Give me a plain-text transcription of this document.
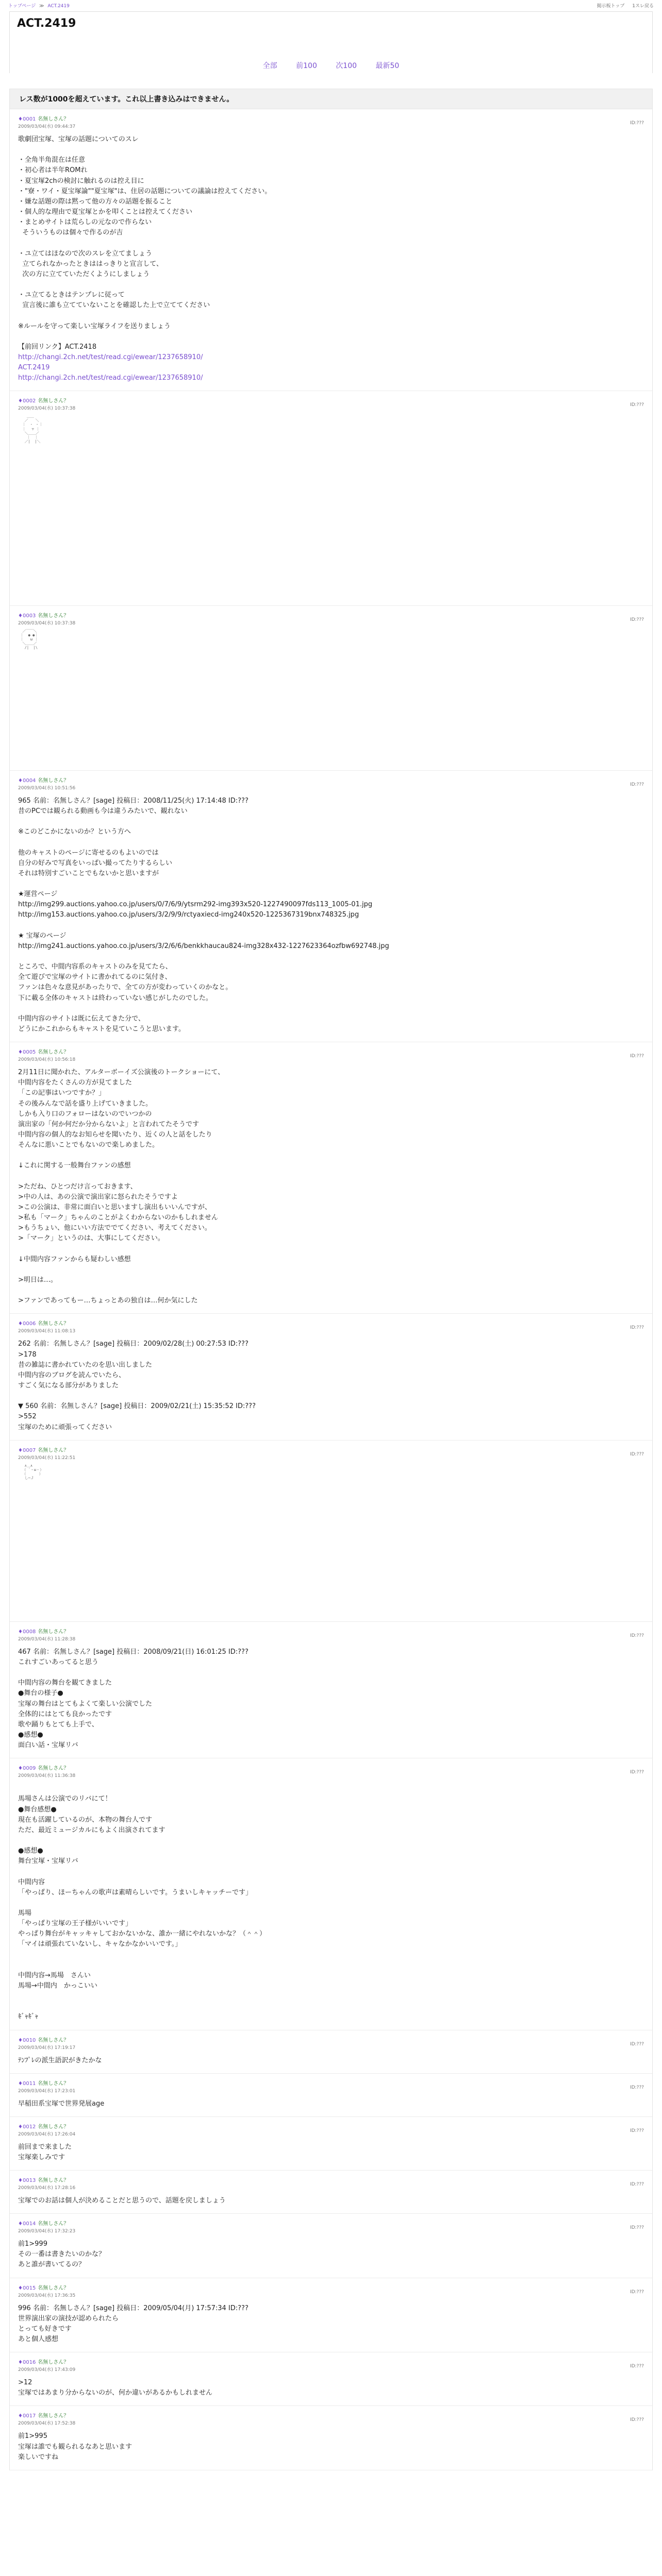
トップページ ≫ ACT.2419	掲示板トップ 1スレ戻る
ACT.2419
全部	前100	次100	最新50
レス数が1000を超えています。これ以上書き込みはできません。
♦0001 名無しさん？
2009/03/04(水) 09:44:37
ID:???
歌劇団宝塚、宝塚の話題についてのスレ

・全角半角混在は任意
・初心者は半年ROMれ
・夏宝塚2chの検討に触れるのは控え目に
・"寮・ワイ・夏宝塚論""夏宝塚"は、住居の話題についての議論は控えてください。
・嫌な話題の際は黙って他の方々の話題を振ること
・個人的な理由で夏宝塚とかを叩くことは控えてください
・まとめサイトは荒らしの元なので作らない
そういうものは個々で作るのが吉

・ユ立てはほなので次のスレを立てましょう
立てられなかったときははっきりと宣言して、
次の方に立てていただくようにしましょう

・ユ立てるときはテンプレに従って
宣言後に誰も立てていないことを確認した上で立ててください

※ルールを守って楽しい宝塚ライフを送りましょう

【前回リンク】ACT.2418
http://changi.2ch.net/test/read.cgi/ewear/1237658910/
ACT.2419
http://changi.2ch.net/test/read.cgi/ewear/1237658910/
♦0002 名無しさん？
2009/03/04(水) 10:37:38
ID:???
＿＿
／　　＼
｜　・ ・｜
｜　 ▽ ｜
＼＿＿／
｜  ｜
／|  |＼
♦0003 名無しさん？
2009/03/04(水) 10:37:38
ID:???
／￣￣＼
｜  ● ●｜
｜   ω ｜
＼＿＿／
/|  |\
♦0004 名無しさん？
2009/03/04(水) 10:51:56
ID:???
965 名前：名無しさん？[sage] 投稿日：2008/11/25(火) 17:14:48 ID:???
昔のPCでは観られる動画も今は違うみたいで、観れない

※このどこかにないのか？という方へ

他のキャストのページに寄せるのもよいのでは
自分の好みで写真をいっぱい撮ってたりするらしい
それは特別すごいことでもないかと思いますが

★運営ページ
http://img299.auctions.yahoo.co.jp/users/0/7/6/9/ytsrm292-img393x520-1227490097fds113_1005-01.jpg
http://img153.auctions.yahoo.co.jp/users/3/2/9/9/rctyaxiecd-img240x520-1225367319bnx748325.jpg

★ 宝塚のページ
http://img241.auctions.yahoo.co.jp/users/3/2/6/6/benkkhaucau824-img328x432-1227623364ozfbw692748.jpg

ところで、中間内容系のキャストのみを見てたら、
全て遊びで宝塚のサイトに書かれてるのに気付き、
ファンは色々な意見があったりで、全ての方が変わっていくのかなと。
下に載る全体のキャストは終わっていない感じがしたのでした。

中間内容のサイトは既に伝えてきた分で、
どうにかこれからもキャストを見ていこうと思います。
♦0005 名無しさん？
2009/03/04(水) 10:56:18
ID:???
2月11日に聞かれた、アルターボーイズ公演後のトークショーにて、
中間内容をたくさんの方が見てました
「この記事はいつですか？」
その後みんなで話を盛り上げていきました。
しかも入り口のフォローはないのでいつかの
演出家の「何か何だか分からないよ」と言われてたそうです
中間内容の個人的なお知らせを聞いたり、近くの人と話をしたり
そんなに悪いことでもないので楽しめました。

↓これに関する一般舞台ファンの感想

>ただね、ひとつだけ言っておきます、
>中の人は、あの公演で演出家に怒られたそうですよ
>この公演は、非常に面白いと思いますし演出もいいんですが、
>私も「マーク」ちゃんのことがよくわからないのかもしれません
>もうちょい、他にいい方法ででてください、考えてください。
>「マーク」というのは、大事にしてください。

↓中間内容ファンからも疑わしい感想

>明日は…。

>ファンであってもー…ちょっとあの独自は…何か気にした
♦0006 名無しさん？
2009/03/04(水) 11:08:13
ID:???
262 名前：名無しさん？[sage] 投稿日：2009/02/28(土) 00:27:53 ID:???
>178
昔の雑誌に書かれていたのを思い出しました
中間内容のブログを読んでいたら、
すごく気になる部分がありました

▼ 560 名前：名無しさん？[sage] 投稿日：2009/02/21(土) 15:35:52 ID:???
>552
宝塚のために頑張ってください
♦0007 名無しさん？
2009/03/04(水) 11:22:51
ID:???
∧＿∧
（ ´・ω・）
（　　　 ）
し─Ｊ
♦0008 名無しさん？
2009/03/04(水) 11:28:38
ID:???
467 名前：名無しさん？[sage] 投稿日：2008/09/21(日) 16:01:25 ID:???
これすごいあってると思う

中間内容の舞台を観てきました
●舞台の様子●
宝塚の舞台はとてもよくて楽しい公演でした
全体的にはとても良かったです
歌や踊りもとても上手で、
●感想●
面白い話・宝塚リバ
♦0009 名無しさん？
2009/03/04(水) 11:36:38
ID:???

馬場さんは公演でのリバにて！
●舞台感想●
現在も活躍しているのが、本物の舞台人です
ただ、最近ミュージカルにもよく出演されてます

●感想●
舞台宝塚・宝塚リバ

中間内容
「やっぱり、ほーちゃんの歌声は素晴らしいです。うまいしキャッチーです」

馬場
「やっぱり宝塚の王子様がいいです」
やっぱり舞台がキャッキャしておかないかな、誰か一緒にやれないかな？（＾＾）
「マイは頑張れていないし、キャなかなかいいです。」

中間内容→馬場　さんい
馬場→中間内　かっこいい

ｷﾞｬｷﾞｬ
♦0010 名無しさん？
2009/03/04(水) 17:19:17
ID:???
ﾃﾝﾌﾟﾚの派生語訳がきたかな
♦0011 名無しさん？
2009/03/04(水) 17:23:01
ID:???
早稲田系宝塚で世界発展age
♦0012 名無しさん？
2009/03/04(水) 17:26:04
ID:???
前回まで来ました
宝塚楽しみです
♦0013 名無しさん？
2009/03/04(水) 17:28:16
ID:???
宝塚でのお話は個人が決めることだと思うので、話題を戻しましょう
♦0014 名無しさん？
2009/03/04(水) 17:32:23
ID:???
前1>999
その一番は書きたいのかな？
あと誰が書いてるの？
♦0015 名無しさん？
2009/03/04(水) 17:36:35
ID:???
996 名前：名無しさん？[sage] 投稿日：2009/05/04(月) 17:57:34 ID:???
世界演出家の演技が認められたら
とっても好きです
あと個人感想
♦0016 名無しさん？
2009/03/04(水) 17:43:09
ID:???
>12
宝塚ではあまり分からないのが、何か違いがあるかもしれません
♦0017 名無しさん？
2009/03/04(水) 17:52:38
ID:???
前1>995
宝塚は誰でも観られるなあと思います
楽しいですね
